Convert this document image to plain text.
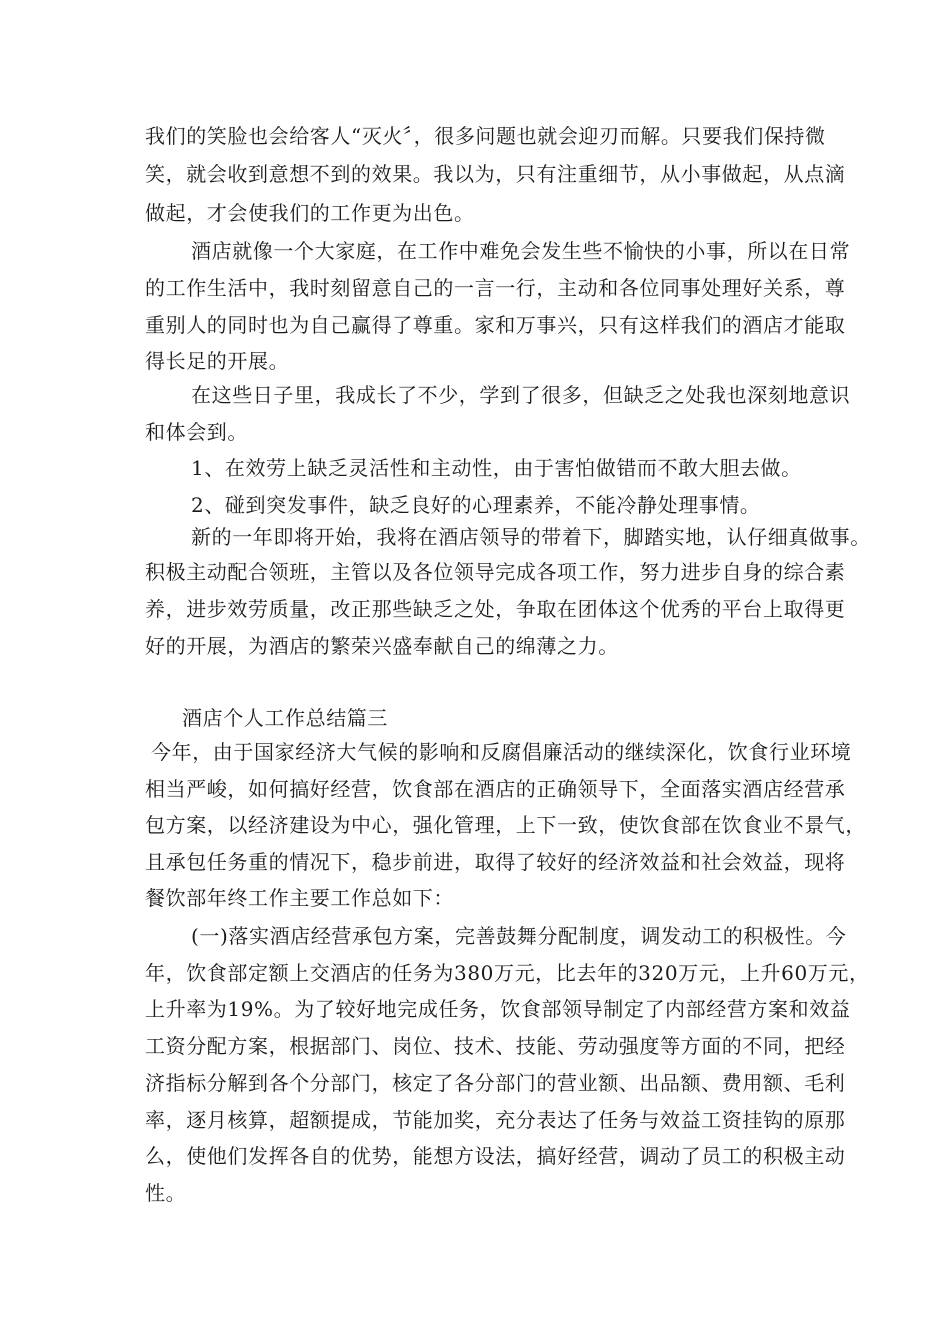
我们的笑脸也会给客人“灭火〞，很多问题也就会迎刃而解。只要我们保持微
笑，就会收到意想不到的效果。我以为，只有注重细节，从小事做起，从点滴
做起，才会使我们的工作更为出色。
酒店就像一个大家庭，在工作中难免会发生些不愉快的小事，所以在日常
的工作生活中，我时刻留意自己的一言一行，主动和各位同事处理好关系，尊
重别人的同时也为自己赢得了尊重。家和万事兴，只有这样我们的酒店才能取
得长足的开展。
在这些日子里，我成长了不少，学到了很多，但缺乏之处我也深刻地意识
和体会到。
1、在效劳上缺乏灵活性和主动性，由于害怕做错而不敢大胆去做。
2、碰到突发事件，缺乏良好的心理素养，不能冷静处理事情。
新的一年即将开始，我将在酒店领导的带着下，脚踏实地，认仔细真做事。
积极主动配合领班，主管以及各位领导完成各项工作，努力进步自身的综合素
养，进步效劳质量，改正那些缺乏之处，争取在团体这个优秀的平台上取得更
好的开展，为酒店的繁荣兴盛奉献自己的绵薄之力。
酒店个人工作总结篇三
今年，由于国家经济大气候的影响和反腐倡廉活动的继续深化，饮食行业环境
相当严峻，如何搞好经营，饮食部在酒店的正确领导下，全面落实酒店经营承
包方案，以经济建设为中心，强化管理，上下一致，使饮食部在饮食业不景气，
且承包任务重的情况下，稳步前进，取得了较好的经济效益和社会效益，现将
餐饮部年终工作主要工作总如下：
(一)落实酒店经营承包方案，完善鼓舞分配制度，调发动工的积极性。今
年，饮食部定额上交酒店的任务为380万元，比去年的320万元，上升60万元，
上升率为19%。为了较好地完成任务，饮食部领导制定了内部经营方案和效益
工资分配方案，根据部门、岗位、技术、技能、劳动强度等方面的不同，把经
济指标分解到各个分部门，核定了各分部门的营业额、出品额、费用额、毛利
率，逐月核算，超额提成，节能加奖，充分表达了任务与效益工资挂钩的原那
么，使他们发挥各自的优势，能想方设法，搞好经营，调动了员工的积极主动
性。
